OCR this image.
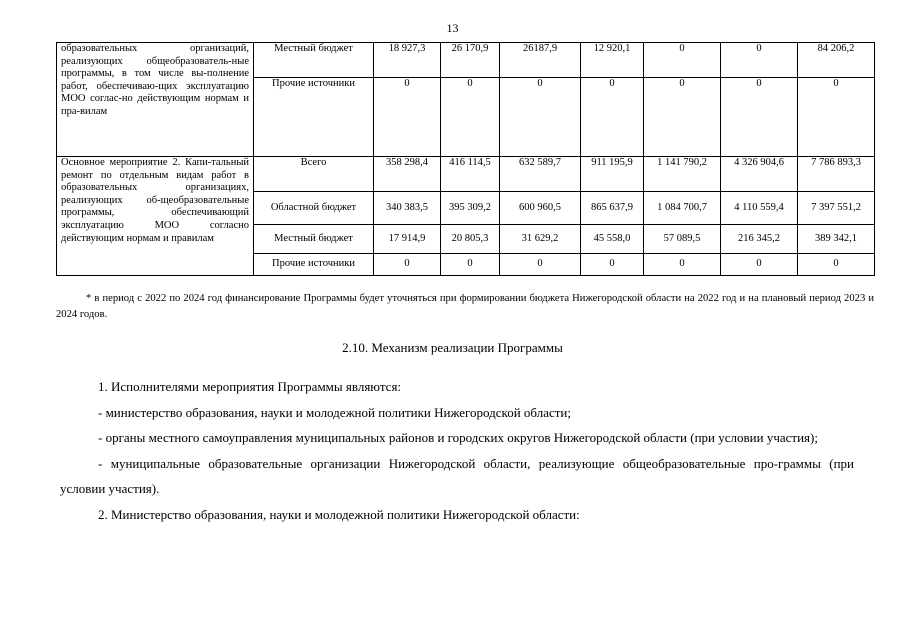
13
образовательных организаций, реализующих общеобразователь-ные программы, в том числе вы-полнение работ, обеспечиваю-щих эксплуатацию МОО соглас-но действующим нормам и пра-вилам	Местный бюджет	18 927,3	26 170,9	26187,9	12 920,1	0	0	84 206,2
	Прочие источники	0	0	0	0	0	0	0
Основное мероприятие 2. Капи-тальный ремонт по отдельным видам работ в образовательных организациях, реализующих об-щеобразовательные программы, обеспечивающий эксплуатацию МОО согласно действующим нормам и правилам	Всего	358 298,4	416 114,5	632 589,7	911 195,9	1 141 790,2	4 326 904,6	7 786 893,3
	Областной бюджет	340 383,5	395 309,2	600 960,5	865 637,9	1 084 700,7	4 110 559,4	7 397 551,2
	Местный бюджет	17 914,9	20 805,3	31 629,2	45 558,0	57 089,5	216 345,2	389 342,1
	Прочие источники	0	0	0	0	0	0	0
* в период с 2022 по 2024 год финансирование Программы будет уточняться при формировании бюджета Нижегородской области на 2022 год и на плановый период 2023 и 2024 годов.
2.10. Механизм реализации Программы

1. Исполнителями мероприятия Программы являются:

- министерство образования, науки и молодежной политики Нижегородской области;

- органы местного самоуправления муниципальных районов и городских округов Нижегородской области (при условии участия);

- муниципальные образовательные организации Нижегородской области, реализующие общеобразовательные про-граммы (при условии участия).

2. Министерство образования, науки и молодежной политики Нижегородской области:
